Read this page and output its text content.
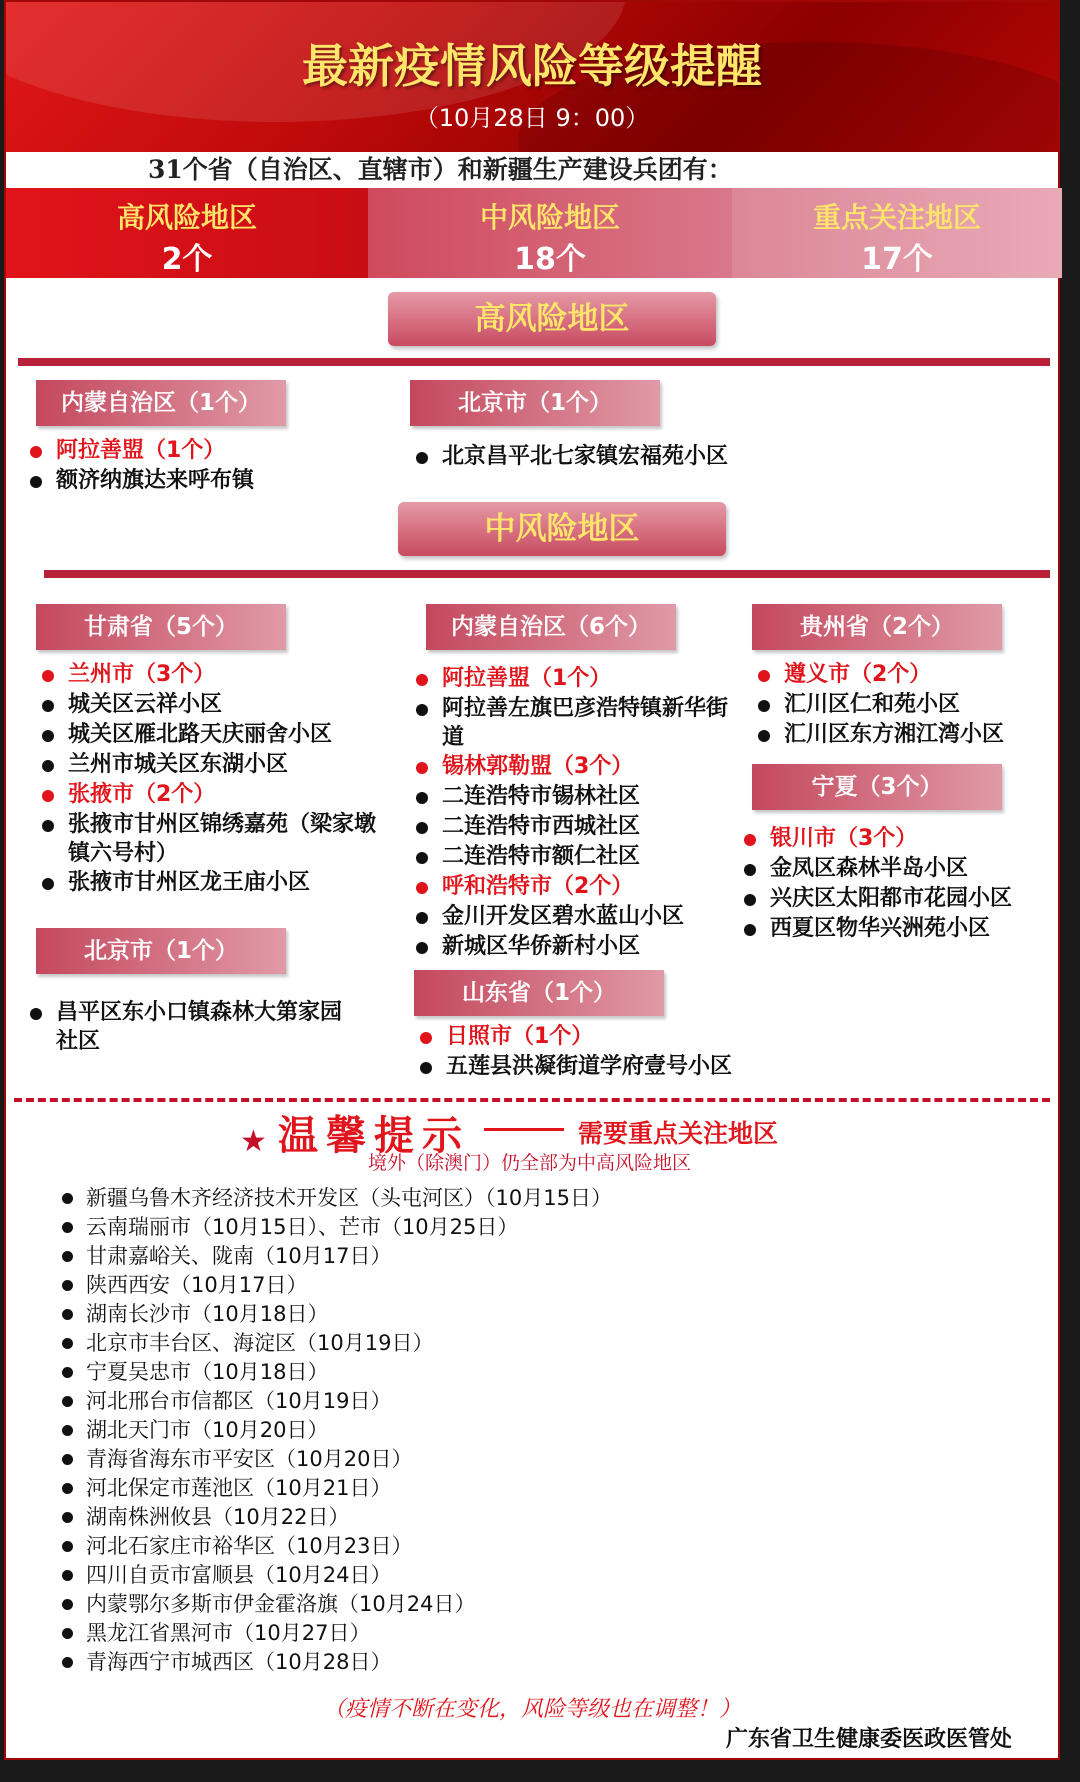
最新疫情风险等级提醒
（10月28日 9：00）
31个省（自治区、直辖市）和新疆生产建设兵团有：
高风险地区
2个
中风险地区
18个
重点关注地区
17个
高风险地区
内蒙自治区（1个）
阿拉善盟（1个）
额济纳旗达来呼布镇
北京市（1个）
北京昌平北七家镇宏福苑小区
中风险地区
甘肃省（5个）
兰州市（3个）
城关区云祥小区
城关区雁北路天庆丽舍小区
兰州市城关区东湖小区
张掖市（2个）
张掖市甘州区锦绣嘉苑（梁家墩镇六号村）
张掖市甘州区龙王庙小区
北京市（1个）
昌平区东小口镇森林大第家园社区
内蒙自治区（6个）
阿拉善盟（1个）
阿拉善左旗巴彦浩特镇新华街道
锡林郭勒盟（3个）
二连浩特市锡林社区
二连浩特市西城社区
二连浩特市额仁社区
呼和浩特市（2个）
金川开发区碧水蓝山小区
新城区华侨新村小区
山东省（1个）
日照市（1个）
五莲县洪凝街道学府壹号小区
贵州省（2个）
遵义市（2个）
汇川区仁和苑小区
汇川区东方湘江湾小区
宁夏（3个）
银川市（3个）
金凤区森林半岛小区
兴庆区太阳都市花园小区
西夏区物华兴洲苑小区
★ 温馨提示	需要重点关注地区
境外（除澳门）仍全部为中高风险地区
新疆乌鲁木齐经济技术开发区（头屯河区）（10月15日）
云南瑞丽市（10月15日）、芒市（10月25日）
甘肃嘉峪关、陇南（10月17日）
陕西西安（10月17日）
湖南长沙市（10月18日）
北京市丰台区、海淀区（10月19日）
宁夏吴忠市（10月18日）
河北邢台市信都区（10月19日）
湖北天门市（10月20日）
青海省海东市平安区（10月20日）
河北保定市莲池区（10月21日）
湖南株洲攸县（10月22日）
河北石家庄市裕华区（10月23日）
四川自贡市富顺县（10月24日）
内蒙鄂尔多斯市伊金霍洛旗（10月24日）
黑龙江省黑河市（10月27日）
青海西宁市城西区（10月28日）
（疫情不断在变化，风险等级也在调整！）
广东省卫生健康委医政医管处
